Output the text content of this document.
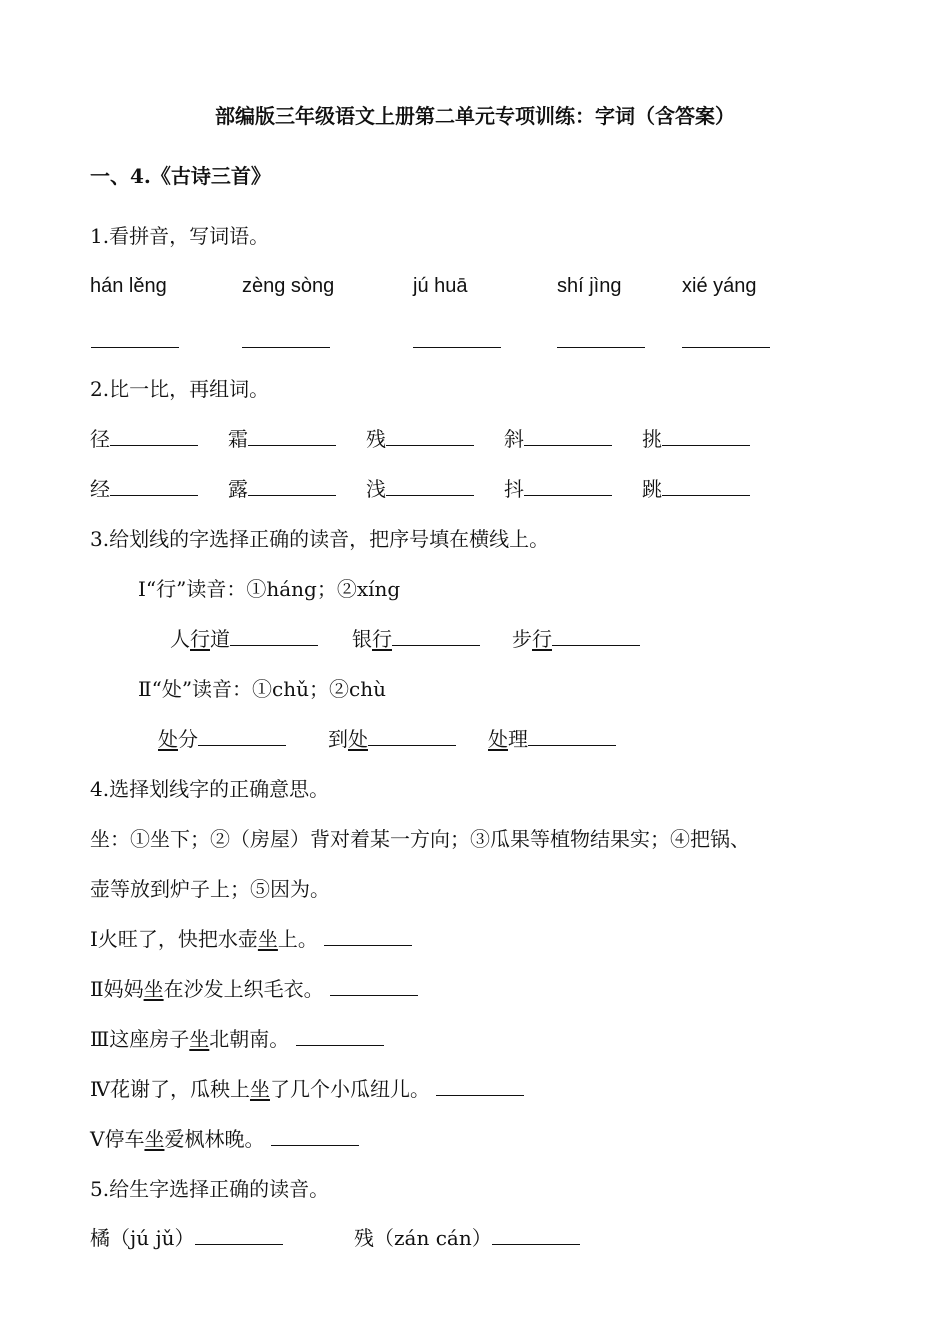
部编版三年级语文上册第二单元专项训练：字词（含答案）
一、4.《古诗三首》
1.看拼音，写词语。
hán lěng	zèng sòng	jú huā	shí jìng	xié yáng
2.比一比，再组词。
径	霜	残	斜	挑
经	露	浅	抖	跳
3.给划线的字选择正确的读音，把序号填在横线上。
Ⅰ“行”读音：①háng；②xíng
人行道	银行	步行
Ⅱ“处”读音：①chǔ；②chù
处分	到处	处理
4.选择划线字的正确意思。
坐：①坐下；②（房屋）背对着某一方向；③瓜果等植物结果实；④把锅、
壶等放到炉子上；⑤因为。
Ⅰ火旺了，快把水壶坐上。
Ⅱ妈妈坐在沙发上织毛衣。
Ⅲ这座房子坐北朝南。
Ⅳ花谢了，瓜秧上坐了几个小瓜纽儿。
Ⅴ停车坐爱枫林晚。
5.给生字选择正确的读音。
橘（jú jǔ）	残（zán cán）
